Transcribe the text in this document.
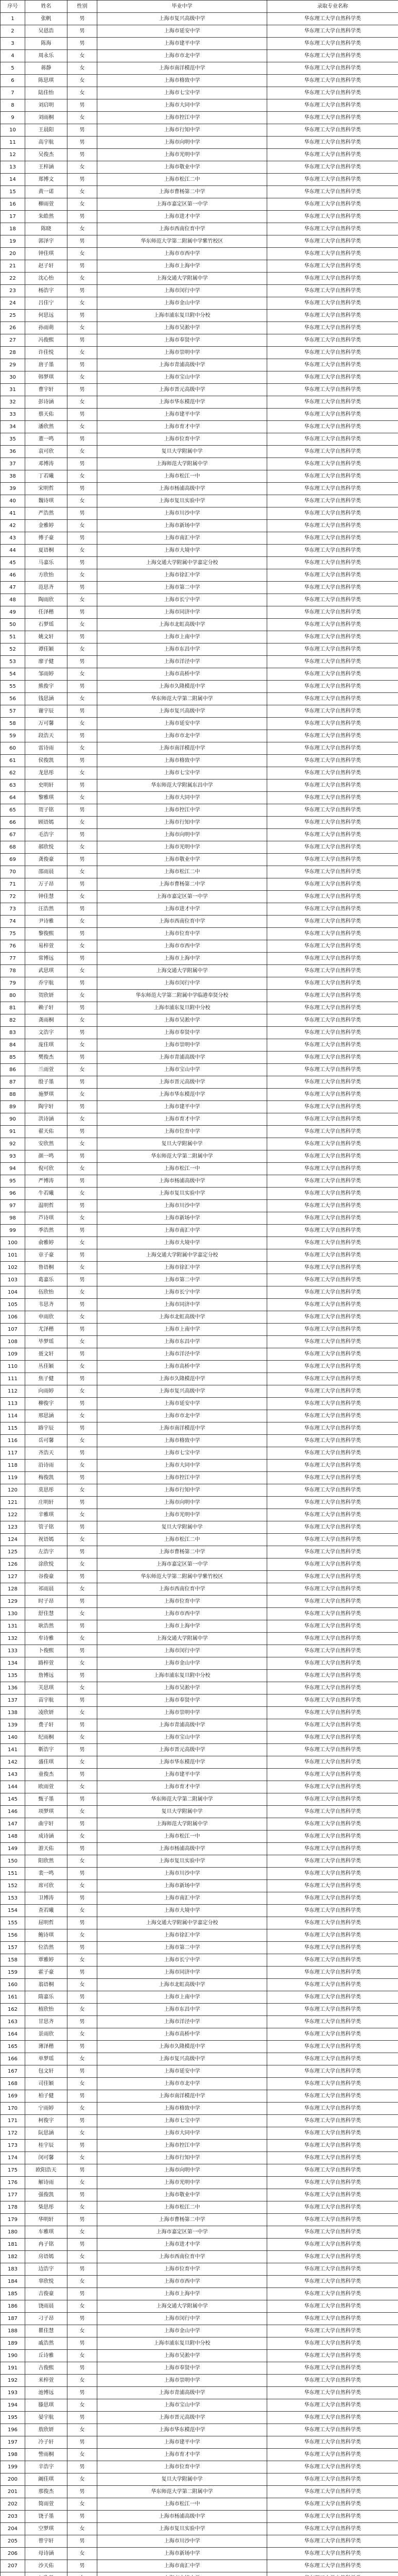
序号	姓名	性别	毕业中学	录取专业名称
1	张帆	男	上海市复兴高级中学	华东理工大学自然科学类
2	吴恩浩	男	上海市延安中学	华东理工大学自然科学类
3	陈海	男	上海市建平中学	华东理工大学自然科学类
4	周永乐	女	上海市市北中学	华东理工大学自然科学类
5	蒋静	女	上海市南洋模范中学	华东理工大学自然科学类
6	陈思琪	女	上海市格致中学	华东理工大学自然科学类
7	陆佳怡	女	上海市七宝中学	华东理工大学自然科学类
8	刘启明	男	上海市大同中学	华东理工大学自然科学类
9	刘雨桐	女	上海市控江中学	华东理工大学自然科学类
10	王晨阳	男	上海市行知中学	华东理工大学自然科学类
11	高宇航	男	上海市向明中学	华东理工大学自然科学类
12	吴俊杰	男	上海市光明中学	华东理工大学自然科学类
13	王梓涵	女	上海市敬业中学	华东理工大学自然科学类
14	郑博文	男	上海市松江二中	华东理工大学自然科学类
15	黄一诺	女	上海市曹杨第二中学	华东理工大学自然科学类
16	柳雨萱	女	上海市嘉定区第一中学	华东理工大学自然科学类
17	朱皓然	男	上海市进才中学	华东理工大学自然科学类
18	陈晓	女	上海市西南位育中学	华东理工大学自然科学类
19	郭泽宇	男	华东师范大学第二附属中学紫竹校区	华东理工大学自然科学类
20	钟佳琪	女	上海市市西中学	华东理工大学自然科学类
21	赵子轩	男	上海市上海中学	华东理工大学自然科学类
22	沈心怡	女	上海交通大学附属中学	华东理工大学自然科学类
23	杨浩宇	男	上海市闵行中学	华东理工大学自然科学类
24	吕佳宁	女	上海市金山中学	华东理工大学自然科学类
25	何思远	男	上海市浦东复旦附中分校	华东理工大学自然科学类
26	孙雨萌	女	上海市吴淞中学	华东理工大学自然科学类
27	冯俊熙	男	上海市奉贤中学	华东理工大学自然科学类
28	许佳悦	女	上海市崇明中学	华东理工大学自然科学类
29	唐子墨	男	上海市青浦高级中学	华东理工大学自然科学类
30	韩梦琪	女	上海市宝山中学	华东理工大学自然科学类
31	曹宇轩	男	上海市晋元高级中学	华东理工大学自然科学类
32	彭诗涵	女	上海市华东模范中学	华东理工大学自然科学类
33	蔡天佑	男	上海市建平中学	华东理工大学自然科学类
34	潘欣然	女	上海市育才中学	华东理工大学自然科学类
35	董一鸣	男	上海市位育中学	华东理工大学自然科学类
36	袁可欣	女	复旦大学附属中学	华东理工大学自然科学类
37	邓博涛	男	上海师范大学附属中学	华东理工大学自然科学类
38	丁若曦	女	上海市松江一中	华东理工大学自然科学类
39	宋明哲	男	上海市杨浦高级中学	华东理工大学自然科学类
40	魏诗琪	女	上海市复旦实验中学	华东理工大学自然科学类
41	严浩然	男	上海市川沙中学	华东理工大学自然科学类
42	金雅婷	女	上海市新场中学	华东理工大学自然科学类
43	傅子豪	男	上海市南汇中学	华东理工大学自然科学类
44	夏语桐	女	上海市大境中学	华东理工大学自然科学类
45	马嘉乐	男	上海交通大学附属中学嘉定分校	华东理工大学自然科学类
46	方欣怡	女	上海市徐汇中学	华东理工大学自然科学类
47	范思齐	男	上海市第二中学	华东理工大学自然科学类
48	陶雨欣	女	上海市长宁中学	华东理工大学自然科学类
49	任泽楷	男	上海市同济中学	华东理工大学自然科学类
50	石梦瑶	女	上海市北虹高级中学	华东理工大学自然科学类
51	姚文轩	男	上海市上南中学	华东理工大学自然科学类
52	谭佳颖	女	上海市东昌中学	华东理工大学自然科学类
53	廖子健	男	上海市洋泾中学	华东理工大学自然科学类
54	邹雨婷	女	上海市高桥中学	华东理工大学自然科学类
55	熊俊宇	男	上海市久隆模范中学	华东理工大学自然科学类
56	钱思涵	女	华东师范大学第二附属中学	华东理工大学自然科学类
57	谢宇辰	男	上海市复兴高级中学	华东理工大学自然科学类
58	万可馨	女	上海市延安中学	华东理工大学自然科学类
59	段浩天	男	上海市市北中学	华东理工大学自然科学类
60	雷诗雨	女	上海市南洋模范中学	华东理工大学自然科学类
61	侯俊凯	男	上海市格致中学	华东理工大学自然科学类
62	龙思彤	女	上海市七宝中学	华东理工大学自然科学类
63	史明轩	男	华东师范大学附属东昌中学	华东理工大学自然科学类
64	黎雅琪	女	上海市大同中学	华东理工大学自然科学类
65	贺子铭	男	上海市控江中学	华东理工大学自然科学类
66	顾语嫣	女	上海市行知中学	华东理工大学自然科学类
67	毛浩宇	男	上海市向明中学	华东理工大学自然科学类
68	郝欣悦	女	上海市光明中学	华东理工大学自然科学类
69	龚俊豪	男	上海市敬业中学	华东理工大学自然科学类
70	邵雨晨	女	上海市松江二中	华东理工大学自然科学类
71	万子昂	男	上海市曹杨第二中学	华东理工大学自然科学类
72	钟佳慧	女	上海市嘉定区第一中学	华东理工大学自然科学类
73	汪浩然	男	上海市进才中学	华东理工大学自然科学类
74	尹诗雅	女	上海市西南位育中学	华东理工大学自然科学类
75	黎俊熙	男	上海市位育中学	华东理工大学自然科学类
76	易梓萱	女	上海市市西中学	华东理工大学自然科学类
77	常博远	男	上海市上海中学	华东理工大学自然科学类
78	武思琪	女	上海交通大学附属中学	华东理工大学自然科学类
79	乔宇航	男	上海市闵行中学	华东理工大学自然科学类
80	贺欣妍	女	华东师范大学第二附属中学临港奉贤分校	华东理工大学自然科学类
81	赖子轩	男	上海市浦东复旦附中分校	华东理工大学自然科学类
82	龚雨桐	女	上海市吴淞中学	华东理工大学自然科学类
83	文浩宇	男	上海市奉贤中学	华东理工大学自然科学类
84	庞佳琪	女	上海市崇明中学	华东理工大学自然科学类
85	樊俊杰	男	上海市青浦高级中学	华东理工大学自然科学类
86	兰雨萱	女	上海市宝山中学	华东理工大学自然科学类
87	殷子墨	男	上海市晋元高级中学	华东理工大学自然科学类
88	施梦琪	女	上海市华东模范中学	华东理工大学自然科学类
89	陶宇轩	男	上海市建平中学	华东理工大学自然科学类
90	洪诗涵	女	上海市育才中学	华东理工大学自然科学类
91	翟天佑	男	上海市位育中学	华东理工大学自然科学类
92	安欣然	女	复旦大学附属中学	华东理工大学自然科学类
93	颜一鸣	男	华东师范大学第二附属中学	华东理工大学自然科学类
94	倪可欣	女	上海市松江一中	华东理工大学自然科学类
95	严博涛	男	上海市杨浦高级中学	华东理工大学自然科学类
96	牛若曦	女	上海市复旦实验中学	华东理工大学自然科学类
97	温明哲	男	上海市川沙中学	华东理工大学自然科学类
98	芦诗琪	女	上海市新场中学	华东理工大学自然科学类
99	季浩然	男	上海市南汇中学	华东理工大学自然科学类
100	俞雅婷	女	上海市大境中学	华东理工大学自然科学类
101	章子豪	男	上海交通大学附属中学嘉定分校	华东理工大学自然科学类
102	鲁语桐	女	上海市徐汇中学	华东理工大学自然科学类
103	葛嘉乐	男	上海市第二中学	华东理工大学自然科学类
104	伍欣怡	女	上海市长宁中学	华东理工大学自然科学类
105	韦思齐	男	上海市同济中学	华东理工大学自然科学类
106	申雨欣	女	上海市北虹高级中学	华东理工大学自然科学类
107	尤泽楷	男	上海市上南中学	华东理工大学自然科学类
108	毕梦瑶	女	上海市东昌中学	华东理工大学自然科学类
109	聂文轩	男	上海市洋泾中学	华东理工大学自然科学类
110	丛佳颖	女	上海市高桥中学	华东理工大学自然科学类
111	焦子健	男	上海市久隆模范中学	华东理工大学自然科学类
112	向雨婷	女	上海市复兴高级中学	华东理工大学自然科学类
113	柳俊宇	男	上海市延安中学	华东理工大学自然科学类
114	邢思涵	女	上海市市北中学	华东理工大学自然科学类
115	路宇辰	男	上海市南洋模范中学	华东理工大学自然科学类
116	岳可馨	女	上海市格致中学	华东理工大学自然科学类
117	齐浩天	男	上海市七宝中学	华东理工大学自然科学类
118	沿诗雨	女	上海市大同中学	华东理工大学自然科学类
119	梅俊凯	男	上海市控江中学	华东理工大学自然科学类
120	莫思彤	女	上海市行知中学	华东理工大学自然科学类
121	庄明轩	男	上海市向明中学	华东理工大学自然科学类
122	辛雅琪	女	上海市光明中学	华东理工大学自然科学类
123	管子铭	男	复旦大学附属中学	华东理工大学自然科学类
124	祝语嫣	女	上海市松江二中	华东理工大学自然科学类
125	左浩宇	男	上海市曹杨第二中学	华东理工大学自然科学类
126	涂欣悦	女	上海市嘉定区第一中学	华东理工大学自然科学类
127	谷俊豪	男	华东师范大学第二附属中学紫竹校区	华东理工大学自然科学类
128	祁雨晨	女	上海市西南位育中学	华东理工大学自然科学类
129	时子昂	男	上海市位育中学	华东理工大学自然科学类
130	舒佳慧	女	上海市市西中学	华东理工大学自然科学类
131	耿浩然	男	上海市上海中学	华东理工大学自然科学类
132	牟诗雅	女	上海交通大学附属中学	华东理工大学自然科学类
133	卜俊熙	男	上海市闵行中学	华东理工大学自然科学类
134	路梓萱	女	上海市金山中学	华东理工大学自然科学类
135	詹博远	男	上海市浦东复旦附中分校	华东理工大学自然科学类
136	关思琪	女	上海市吴淞中学	华东理工大学自然科学类
137	苗宇航	男	上海市奉贤中学	华东理工大学自然科学类
138	凌欣妍	女	上海市崇明中学	华东理工大学自然科学类
139	费子轩	男	上海市青浦高级中学	华东理工大学自然科学类
140	纪雨桐	女	上海市宝山中学	华东理工大学自然科学类
141	靳浩宇	男	上海市晋元高级中学	华东理工大学自然科学类
142	盛佳琪	女	上海市华东模范中学	华东理工大学自然科学类
143	童俊杰	男	上海市建平中学	华东理工大学自然科学类
144	欧雨萱	女	上海市育才中学	华东理工大学自然科学类
145	甄子墨	男	华东师范大学第二附属中学	华东理工大学自然科学类
146	项梦琪	女	复旦大学附属中学	华东理工大学自然科学类
147	曲宇轩	男	上海师范大学附属中学	华东理工大学自然科学类
148	成诗涵	女	上海市松江一中	华东理工大学自然科学类
149	游天佑	男	上海市杨浦高级中学	华东理工大学自然科学类
150	阳欣然	女	上海市复旦实验中学	华东理工大学自然科学类
151	裴一鸣	男	上海市川沙中学	华东理工大学自然科学类
152	席可欣	女	上海市新场中学	华东理工大学自然科学类
153	卫博涛	男	上海市南汇中学	华东理工大学自然科学类
154	查若曦	女	上海市大境中学	华东理工大学自然科学类
155	屈明哲	男	上海交通大学附属中学嘉定分校	华东理工大学自然科学类
156	鲍诗琪	女	上海市徐汇中学	华东理工大学自然科学类
157	位浩然	男	上海市第二中学	华东理工大学自然科学类
158	覃雅婷	女	上海市长宁中学	华东理工大学自然科学类
159	霍子豪	男	上海市同济中学	华东理工大学自然科学类
160	翁语桐	女	上海市北虹高级中学	华东理工大学自然科学类
161	隋嘉乐	男	上海市上南中学	华东理工大学自然科学类
162	植欣怡	女	上海市东昌中学	华东理工大学自然科学类
163	甘思齐	男	上海市洋泾中学	华东理工大学自然科学类
164	景雨欣	女	上海市高桥中学	华东理工大学自然科学类
165	薄泽楷	男	上海市久隆模范中学	华东理工大学自然科学类
166	单梦瑶	女	上海市复兴高级中学	华东理工大学自然科学类
167	包文轩	男	上海市延安中学	华东理工大学自然科学类
168	司佳颖	女	上海市市北中学	华东理工大学自然科学类
169	柏子健	男	上海市南洋模范中学	华东理工大学自然科学类
170	宁雨婷	女	上海市格致中学	华东理工大学自然科学类
171	柯俊宇	男	上海市七宝中学	华东理工大学自然科学类
172	阮思涵	女	上海市大同中学	华东理工大学自然科学类
173	桂宇辰	男	上海市控江中学	华东理工大学自然科学类
174	闵可馨	女	上海市行知中学	华东理工大学自然科学类
175	欧阳浩天	男	上海市向明中学	华东理工大学自然科学类
176	解诗雨	女	上海市光明中学	华东理工大学自然科学类
177	强俊凯	男	上海市敬业中学	华东理工大学自然科学类
178	柴思彤	女	上海市松江二中	华东理工大学自然科学类
179	华明轩	男	上海市曹杨第二中学	华东理工大学自然科学类
180	车雅琪	女	上海市嘉定区第一中学	华东理工大学自然科学类
181	冉子铭	男	上海市进才中学	华东理工大学自然科学类
182	房语嫣	女	上海市西南位育中学	华东理工大学自然科学类
183	边浩宇	男	上海市位育中学	华东理工大学自然科学类
184	辜欣悦	女	上海市市西中学	华东理工大学自然科学类
185	吉俊豪	男	上海市上海中学	华东理工大学自然科学类
186	饶雨晨	女	上海交通大学附属中学	华东理工大学自然科学类
187	刁子昂	男	上海市闵行中学	华东理工大学自然科学类
188	瞿佳慧	女	上海市金山中学	华东理工大学自然科学类
189	戚浩然	男	上海市浦东复旦附中分校	华东理工大学自然科学类
190	丘诗雅	女	上海市吴淞中学	华东理工大学自然科学类
191	古俊熙	男	上海市奉贤中学	华东理工大学自然科学类
192	米梓萱	女	上海市崇明中学	华东理工大学自然科学类
193	池博远	男	上海市青浦高级中学	华东理工大学自然科学类
194	滕思琪	女	上海市宝山中学	华东理工大学自然科学类
195	晏宇航	男	上海市晋元高级中学	华东理工大学自然科学类
196	敖欣妍	女	上海市华东模范中学	华东理工大学自然科学类
197	冷子轩	男	上海市建平中学	华东理工大学自然科学类
198	訾雨桐	女	上海市育才中学	华东理工大学自然科学类
199	辛浩宇	男	上海市位育中学	华东理工大学自然科学类
200	阚佳琪	女	复旦大学附属中学	华东理工大学自然科学类
201	那俊杰	男	华东师范大学第二附属中学	华东理工大学自然科学类
202	简雨萱	女	上海市松江一中	华东理工大学自然科学类
203	饶子墨	男	上海市杨浦高级中学	华东理工大学自然科学类
204	空梦琪	女	上海市复旦实验中学	华东理工大学自然科学类
205	曾宇轩	男	上海市川沙中学	华东理工大学自然科学类
206	母诗涵	女	上海市新场中学	华东理工大学自然科学类
207	沙天佑	男	上海市南汇中学	华东理工大学自然科学类
